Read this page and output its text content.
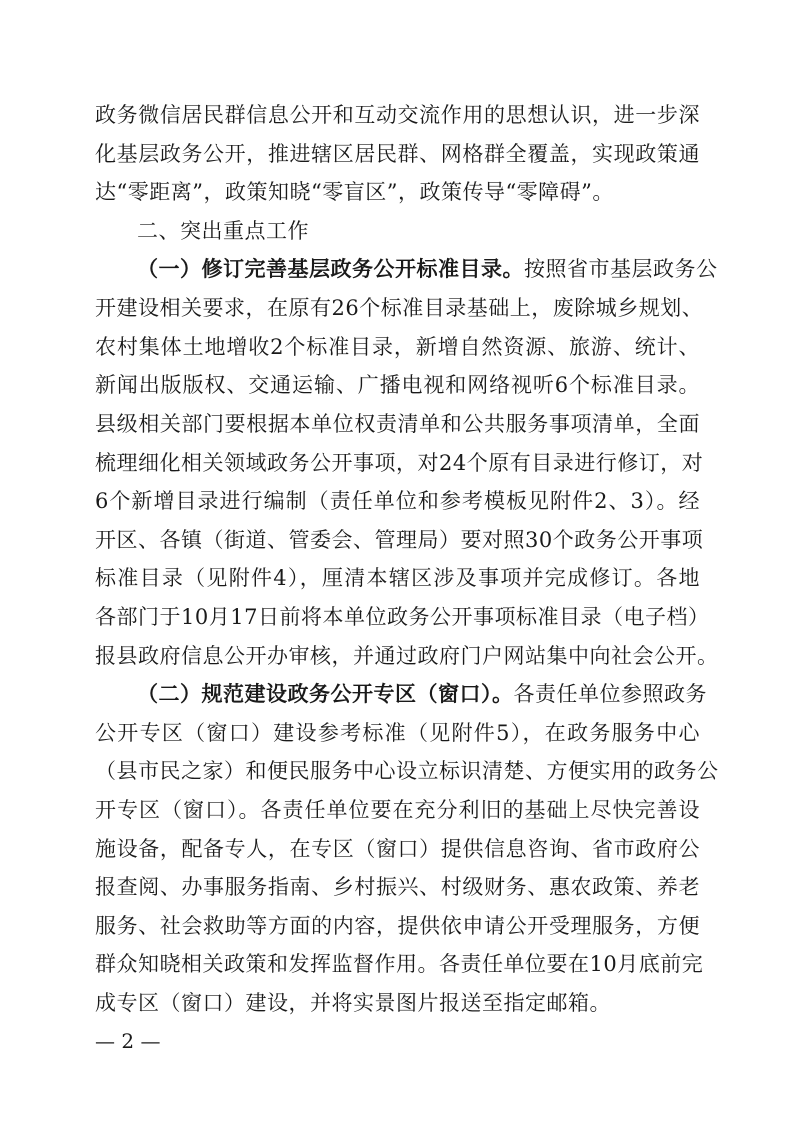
政务微信居民群信息公开和互动交流作用的思想认识，进一步深
化基层政务公开，推进辖区居民群、网格群全覆盖，实现政策通
达“零距离”，政策知晓“零盲区”，政策传导“零障碍”。
二、突出重点工作
（一）修订完善基层政务公开标准目录。按照省市基层政务公
开建设相关要求，在原有26个标准目录基础上，废除城乡规划、
农村集体土地增收2个标准目录，新增自然资源、旅游、统计、
新闻出版版权、交通运输、广播电视和网络视听6个标准目录。
县级相关部门要根据本单位权责清单和公共服务事项清单，全面
梳理细化相关领域政务公开事项，对24个原有目录进行修订，对
6个新增目录进行编制（责任单位和参考模板见附件2、3）。经
开区、各镇（街道、管委会、管理局）要对照30个政务公开事项
标准目录（见附件4），厘清本辖区涉及事项并完成修订。各地
各部门于10月17日前将本单位政务公开事项标准目录（电子档）
报县政府信息公开办审核，并通过政府门户网站集中向社会公开。
（二）规范建设政务公开专区（窗口）。各责任单位参照政务
公开专区（窗口）建设参考标准（见附件5），在政务服务中心
（县市民之家）和便民服务中心设立标识清楚、方便实用的政务公
开专区（窗口）。各责任单位要在充分利旧的基础上尽快完善设
施设备，配备专人，在专区（窗口）提供信息咨询、省市政府公
报查阅、办事服务指南、乡村振兴、村级财务、惠农政策、养老
服务、社会救助等方面的内容，提供依申请公开受理服务，方便
群众知晓相关政策和发挥监督作用。各责任单位要在10月底前完
成专区（窗口）建设，并将实景图片报送至指定邮箱。
— 2 —
